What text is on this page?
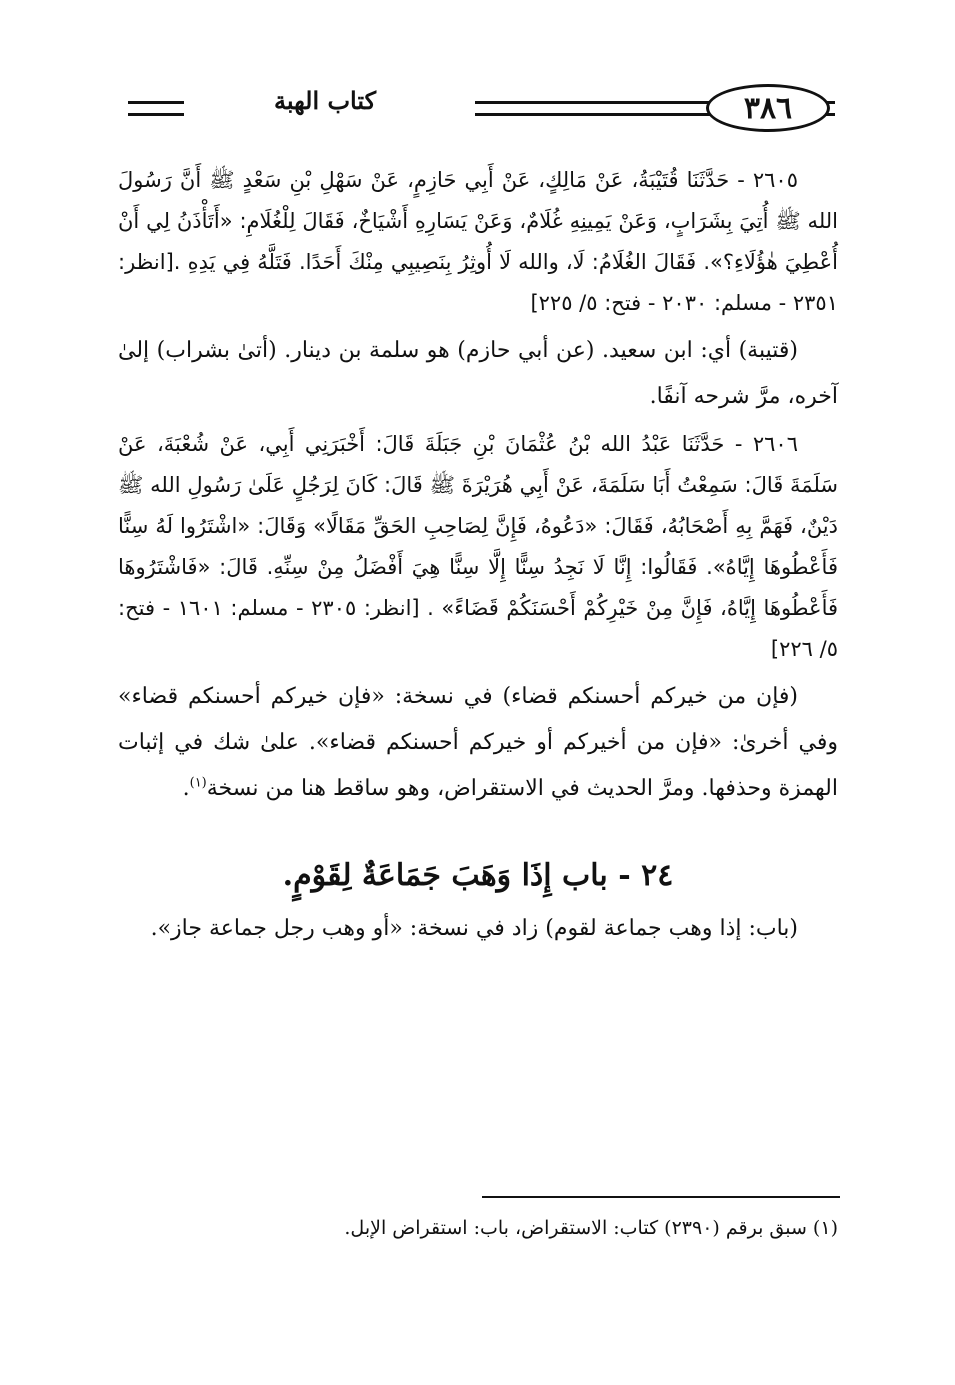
٣٨٦
كتاب الهبة

٢٦٠٥ - حَدَّثَنَا قُتَيْبَةُ، عَنْ مَالِكٍ، عَنْ أَبِي حَازِمٍ، عَنْ سَهْلِ بْنِ سَعْدٍ ﷺ أَنَّ رَسُولَ الله ﷺ أُتِيَ بِشَرَابٍ، وَعَنْ يَمِينِهِ غُلَامٌ، وَعَنْ يَسَارِهِ أَشْيَاخٌ، فَقَالَ لِلْغُلَامِ: «أَتَأْذَنُ لِي أَنْ أُعْطِيَ هٰؤُلَاءِ؟». فَقَالَ الغُلَامُ: لَا، والله لَا أُوثِرُ بِنَصِيبِي مِنْكَ أَحَدًا. فَتَلَّهُ فِي يَدِهِ .[انظر: ٢٣٥١ - مسلم: ٢٠٣٠ - فتح: ٥/ ٢٢٥]

(قتيبة) أي: ابن سعيد. (عن أبي حازم) هو سلمة بن دينار. (أتىٰ بشراب) إلىٰ آخره، مرَّ شرحه آنفًا.

٢٦٠٦ - حَدَّثَنَا عَبْدُ الله بْنُ عُثْمَانَ بْنِ جَبَلَةَ قَالَ: أَخْبَرَنِي أَبِي، عَنْ شُعْبَةَ، عَنْ سَلَمَةَ قَالَ: سَمِعْتُ أَبَا سَلَمَةَ، عَنْ أَبِي هُرَيْرَةَ ﷺ قَالَ: كَانَ لِرَجُلٍ عَلَىٰ رَسُولِ الله ﷺ دَيْنٌ، فَهَمَّ بِهِ أَصْحَابُهُ، فَقَالَ: «دَعُوهُ، فَإِنَّ لِصَاحِبِ الحَقِّ مَقَالًا» وَقَالَ: «اشْتَرُوا لَهُ سِنًّا فَأَعْطُوهَا إِيَّاهُ». فَقَالُوا: إِنَّا لَا نَجِدُ سِنًّا إِلَّا سِنًّا هِيَ أَفْضَلُ مِنْ سِنِّهِ. قَالَ: «فَاشْتَرُوهَا فَأَعْطُوهَا إِيَّاهُ، فَإِنَّ مِنْ خَيْرِكُمْ أَحْسَنَكُمْ قَضَاءً» . [انظر: ٢٣٠٥ - مسلم: ١٦٠١ - فتح: ٥/ ٢٢٦]

(فإن من خيركم أحسنكم قضاء) في نسخة: «فإن خيركم أحسنكم قضاء» وفي أخرىٰ: «فإن من أخيركم أو خيركم أحسنكم قضاء». علىٰ شك في إثبات الهمزة وحذفها. ومرَّ الحديث في الاستقراض، وهو ساقط هنا من نسخة$^{(١)}$.

٢٤ - باب إِذَا وَهَبَ جَمَاعَةٌ لِقَوْمٍ.

(باب: إذا وهب جماعة لقوم) زاد في نسخة: «أو وهب رجل جماعة جاز».

(١) سبق برقم (٢٣٩٠) كتاب: الاستقراض، باب: استقراض الإبل.
